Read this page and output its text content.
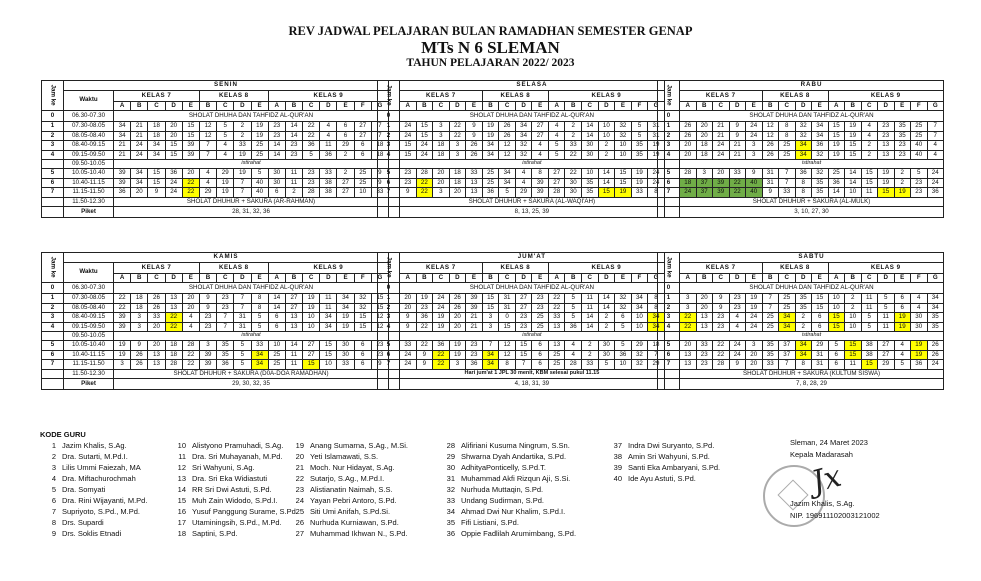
REV JADWAL PELAJARAN BULAN RAMADHAN SEMESTER GENAP
MTs N 6 SLEMAN
TAHUN PELAJARAN 2022/ 2023
Jam ke	SENIN																
	Waktu	KELAS 7					KELAS 8				KELAS 9						
		A	B	C	D	E	B	C	D	E	A	B	C	D	E	F	G
0	06.30-07.30	SHOLAT DHUHA DAN TAHFIDZ AL-QUR'AN															
1	07.30-08.05	34	21	18	20	15	12	5	2	19	23	14	22	4	6	27	7
2	08.05-08.40	34	21	18	20	15	12	5	2	19	23	14	22	4	6	27	7
3	08.40-09.15	21	24	34	15	39	7	4	33	25	14	23	36	11	29	6	18
4	09.15-09.50	21	24	34	15	39	7	4	19	25	14	23	5	36	2	6	18
	09.50-10.05	istirahat															
5	10.05-10.40	39	34	15	36	20	4	29	19	5	30	11	23	33	2	25	9
6	10.40-11.15	39	34	15	24	22	4	19	7	40	30	11	23	38	27	25	9
7	11.15-11.50	36	20	9	24	22	29	19	7	40	6	2	28	38	27	10	33
	11.50-12.30	SHOLAT DHUHUR + SAKURA (AR-RAHMAN)															
	Piket	28, 31, 32, 36															
Jam ke	SELASA															
	KELAS 7					KELAS 8				KELAS 9						
	A	B	C	D	E	B	C	D	E	A	B	C	D	E	F	G
0	SHOLAT DHUHA DAN TAHFIDZ AL-QUR'AN															
1	24	15	3	22	9	19	26	34	27	4	2	14	10	32	5	31
2	24	15	3	22	9	19	26	34	27	4	2	14	10	32	5	31
3	15	24	18	3	26	34	12	32	4	5	33	30	2	10	35	19
4	15	24	18	3	26	34	12	32	4	5	22	30	2	10	35	19
	istirahat															
5	23	28	20	18	33	25	34	4	8	27	22	10	14	15	19	24
6	23	22	20	18	13	25	34	4	39	27	30	35	14	15	19	24
7	9	22	3	20	13	36	5	29	39	28	30	35	15	19	33	8
	SHOLAT DHUHUR + SAKURA (AL-WAQI'AH)															
	8, 13, 25, 39															
Jam ke	RABU															
	KELAS 7					KELAS 8				KELAS 9						
	A	B	C	D	E	B	C	D	E	A	B	C	D	E	F	G
0	SHOLAT DHUHA DAN TAHFIDZ AL-QUR'AN															
1	26	20	21	9	24	12	8	32	34	15	19	4	23	35	25	7
2	26	20	21	9	24	12	8	32	34	15	19	4	23	35	25	7
3	20	18	24	21	3	26	25	34	36	19	15	2	13	23	40	4
4	20	18	24	21	3	26	25	34	32	19	15	2	13	23	40	4
	istirahat															
5	28	3	20	33	9	31	7	36	32	25	14	15	19	2	5	24
6	18	37	39	22	40	31	7	8	35	36	14	15	19	2	23	24
7	24	37	39	22	40	9	33	8	35	14	10	11	15	19	23	36
	SHOLAT DHUHUR + SAKURA (AL-MULK)															
	3, 10, 27, 30															
Jam ke	KAMIS																
	Waktu	KELAS 7					KELAS 8				KELAS 9						
		A	B	C	D	E	B	C	D	E	A	B	C	D	E	F	G
0	06.30-07.30	SHOLAT DHUHA DAN TAHFIDZ AL-QUR'AN															
1	07.30-08.05	22	18	26	13	20	9	23	7	8	14	27	19	11	34	32	15
2	08.05-08.40	22	18	26	13	20	9	23	7	8	14	27	19	11	34	32	15
3	08.40-09.15	39	3	33	22	4	23	7	31	5	6	13	10	34	19	15	12
4	09.15-09.50	39	3	20	22	4	23	7	31	5	6	13	10	34	19	15	12
	09.50-10.05	istirahat															
5	10.05-10.40	19	9	20	18	28	3	35	5	33	10	14	27	15	30	6	23
6	10.40-11.15	19	26	13	18	22	39	35	5	34	25	11	27	15	30	6	23
7	11.15-11.50	3	26	13	28	22	39	36	5	34	25	11	15	10	33	6	9
	11.50-12.30	SHOLAT DHUHUR + SAKURA (D0A-DOA RAMADHAN)															
	Piket	29, 30, 32, 35															
Jam ke	JUM'AT															
	KELAS 7					KELAS 8				KELAS 9						
	A	B	C	D	E	B	C	D	E	A	B	C	D	E	F	G
0	SHOLAT DHUHA DAN TAHFIDZ AL-QUR'AN															
1	20	19	24	26	39	15	31	27	23	22	5	11	14	32	34	8
2	20	23	24	26	39	15	31	27	23	22	5	11	14	32	34	8
3	9	36	19	20	21	3	0	23	25	33	5	14	2	6	10	34
4	9	22	19	20	21	3	15	23	25	13	36	14	2	5	10	34
	istirahat															
5	33	22	36	19	23	7	12	15	6	13	4	2	30	5	29	18
6	24	9	22	19	23	34	12	15	6	25	4	2	30	36	32	7
7	24	9	22	3	36	34	8	7	6	25	28	33	5	10	32	29
	Hari jum'at 1 JPL 30 menit, KBM selesai pukul 11.15															
	4, 18, 31, 39															
Jam ke	SABTU															
	KELAS 7					KELAS 8				KELAS 9						
	A	B	C	D	E	B	C	D	E	A	B	C	D	E	F	G
0	SHOLAT DHUHA DAN TAHFIDZ AL-QUR'AN															
1	3	20	9	23	19	7	25	35	15	10	2	11	5	6	4	34
2	3	20	9	23	19	7	25	35	15	10	2	11	5	6	4	34
3	22	13	23	4	24	25	34	2	6	15	10	5	11	19	30	35
4	22	13	23	4	24	25	34	2	6	15	10	5	11	19	30	35
	istirahat															
5	20	33	22	24	3	35	37	34	29	5	15	38	27	4	19	26
6	13	23	22	24	20	35	37	34	31	6	15	38	27	4	19	26
7	13	23	28	9	20	33	7	8	31	6	11	15	29	5	36	24
	SHOLAT DHUHUR + SAKURA (KULTUM SISWA)															
	7, 8, 28, 29															
KODE GURU
1 Jazim Khalis, S.Ag.
2 Dra. Sutarti, M.Pd.I.
3 Lilis Ummi Faiezah, MA
4 Dra. Miftachurochmah
5 Dra. Somyati
6 Dra. Rini Wijayanti, M.Pd.
7 Supriyoto, S.Pd., M.Pd.
8 Drs. Supardi
9 Drs. Soklis Etnadi
10 Alistyono Pramuhadi, S.Ag.
11 Dra. Sri Muhayanah, M.Pd.
12 Sri Wahyuni, S.Ag.
13 Dra. Sri Eka Widiastuti
14 RR Sri Dwi Astuti, S.Pd.
15 Muh Zain Widodo, S.Pd.I.
16 Yusuf Panggung Surame, S.Pd.
17 Utaminingsih, S.Pd., M.Pd.
18 Saptini, S.Pd.
19 Anang Sumarna, S.Ag., M.Si.
20 Yeti Islamawati, S.S.
21 Moch. Nur Hidayat, S.Ag.
22 Sutarjo, S.Ag., M.Pd.I.
23 Alistianatin Naimah, S.S.
24 Yayan Pebri Antoro, S.Pd.
25 Siti Umi Anifah, S.Pd.Si.
26 Nurhuda Kurniawan, S.Pd.
27 Muhammad Ikhwan N., S.Pd.
28 Alifiriani Kusuma Ningrum, S.Sn.
29 Shwarna Dyah Andartika, S.Pd.
30 AdhityaPonticelly, S.Pd.T.
31 Muhammad Akfi Rizqun Aji, S.Si.
32 Nurhuda Muttaqin, S.Pd.
33 Undang Sudirman, S.Pd.
34 Ahmad Dwi Nur Khalim, S.Pd.I.
35 Fifi Listiani, S.Pd.
36 Oppie Fadlilah Arumimbang, S.Pd.
37 Indra Dwi Suryanto, S.Pd.
38 Amin Sri Wahyuni, S.Pd.
39 Santi Eka Ambaryani, S.Pd.
40 Ide Ayu Astuti, S.Pd.	Jx
Sleman, 24 Maret 2023
Kepala Madarasah
Jazim Khalis, S.Ag.
NIP. 196911102003121002
